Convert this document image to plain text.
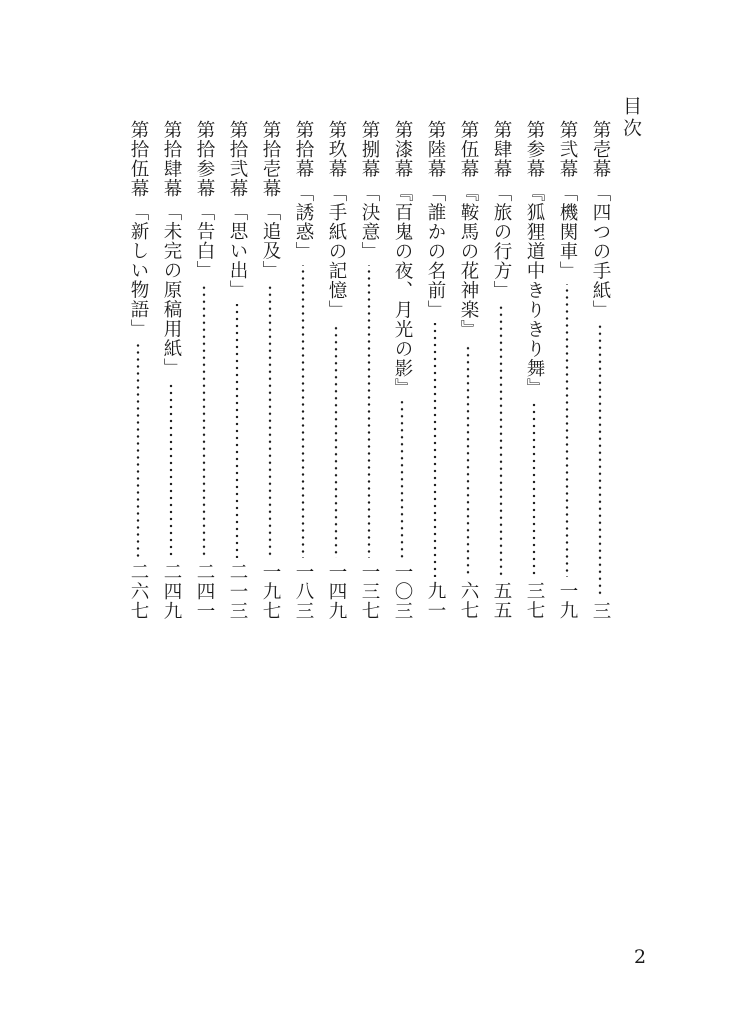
目次
第壱幕
「四つの手紙」
三
第弐幕
「機関車」
一九
第参幕
『狐狸道中きりきり舞』
三七
第肆幕
「旅の行方」
五五
第伍幕
『鞍馬の花神楽』
六七
第陸幕
「誰かの名前」
九一
第漆幕
『百鬼の夜、月光の影』
一〇三
第捌幕
「決意」
一三七
第玖幕
「手紙の記憶」
一四九
第拾幕
「誘惑」
一八三
第拾壱幕
「追及」
一九七
第拾弐幕
「思い出」
二一三
第拾参幕
「告白」
二四一
第拾肆幕
「未完の原稿用紙」
二四九
第拾伍幕
「新しい物語」
二六七
2
